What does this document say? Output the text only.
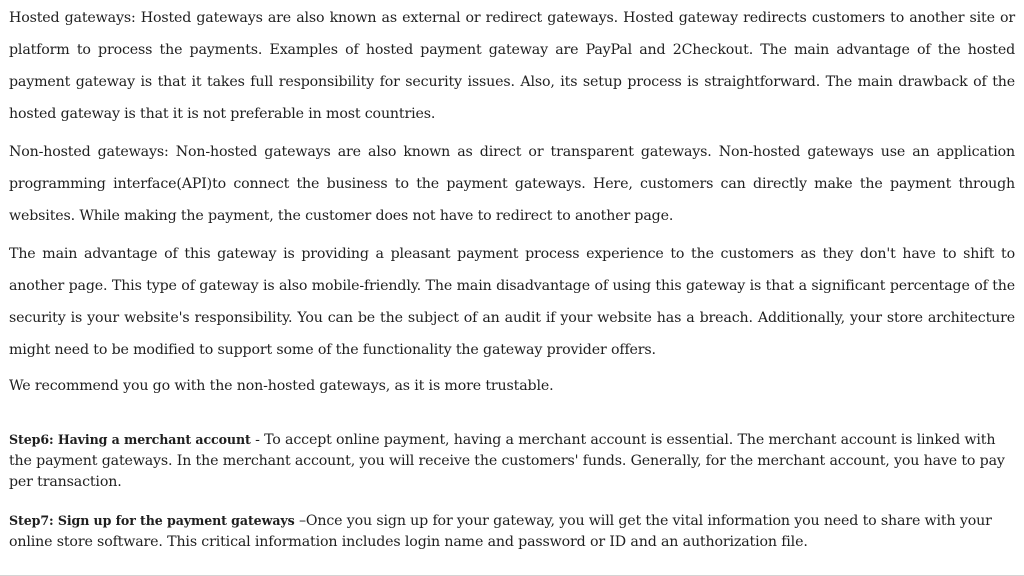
Hosted gateways: Hosted gateways are also known as external or redirect gateways. Hosted gateway redirects customers to another site or platform to process the payments. Examples of hosted payment gateway are PayPal and 2Checkout. The main advantage of the hosted payment gateway is that it takes full responsibility for security issues. Also, its setup process is straightforward. The main drawback of the hosted gateway is that it is not preferable in most countries.

Non-hosted gateways: Non-hosted gateways are also known as direct or transparent gateways. Non-hosted gateways use an application programming interface(API)to connect the business to the payment gateways. Here, customers can directly make the payment through websites. While making the payment, the customer does not have to redirect to another page.

The main advantage of this gateway is providing a pleasant payment process experience to the customers as they don't have to shift to another page. This type of gateway is also mobile-friendly. The main disadvantage of using this gateway is that a significant percentage of the security is your website's responsibility. You can be the subject of an audit if your website has a breach. Additionally, your store architecture might need to be modified to support some of the functionality the gateway provider offers.

We recommend you go with the non-hosted gateways, as it is more trustable.

Step6: Having a merchant account - To accept online payment, having a merchant account is essential. The merchant account is linked with the payment gateways. In the merchant account, you will receive the customers' funds. Generally, for the merchant account, you have to pay per transaction.

Step7: Sign up for the payment gateways –Once you sign up for your gateway, you will get the vital information you need to share with your online store software. This critical information includes login name and password or ID and an authorization file.
